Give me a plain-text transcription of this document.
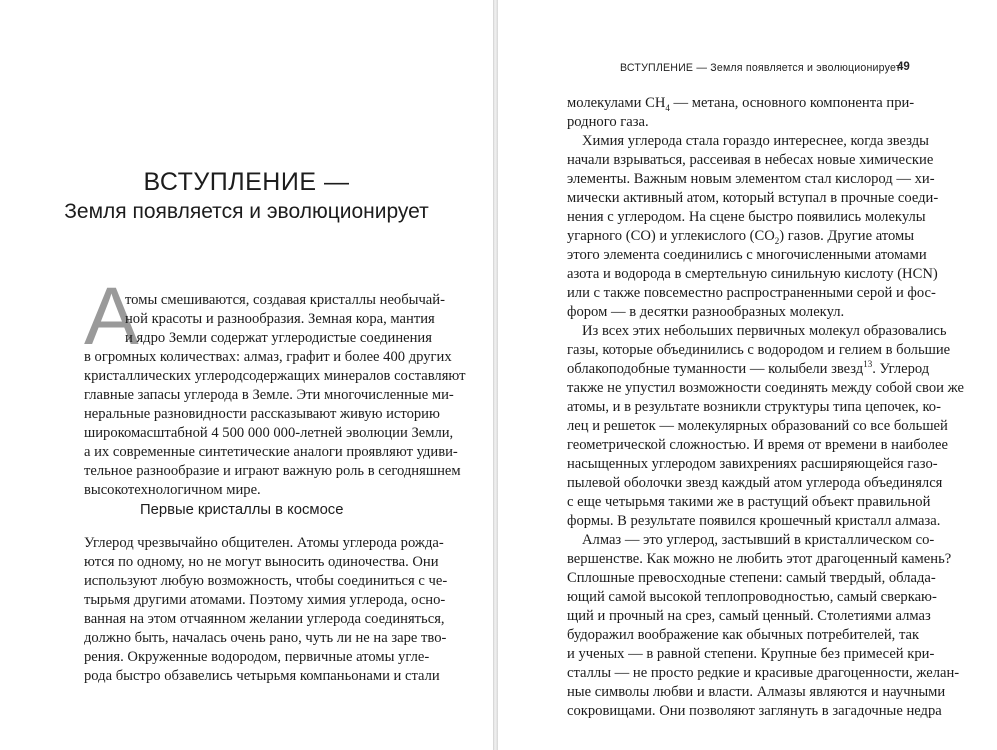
ВСТУПЛЕНИЕ —
Земля появляется и эволюционирует
А
томы смешиваются, создавая кристаллы необычай-
ной красоты и разнообразия. Земная кора, мантия
и ядро Земли содержат углеродистые соединения
в огромных количествах: алмаз, графит и более 400 других
кристаллических углеродсодержащих минералов составляют
главные запасы углерода в Земле. Эти многочисленные ми-
неральные разновидности рассказывают живую историю
широкомасштабной 4 500 000 000-летней эволюции Земли,
а их современные синтетические аналоги проявляют удиви-
тельное разнообразие и играют важную роль в сегодняшнем
высокотехнологичном мире.
Первые кристаллы в космосе
Углерод чрезвычайно общителен. Атомы углерода рожда-
ются по одному, но не могут выносить одиночества. Они
используют любую возможность, чтобы соединиться с че-
тырьмя другими атомами. Поэтому химия углерода, осно-
ванная на этом отчаянном желании углерода соединяться,
должно быть, началась очень рано, чуть ли не на заре тво-
рения. Окруженные водородом, первичные атомы угле-
рода быстро обзавелись четырьмя компаньонами и стали
ВСТУПЛЕНИЕ — Земля появляется и эволюционирует
49
молекулами $CH_4$ — метана, основного компонента при-
родного газа.
Химия углерода стала гораздо интереснее, когда звезды
начали взрываться, рассеивая в небесах новые химические
элементы. Важным новым элементом стал кислород — хи-
мически активный атом, который вступал в прочные соеди-
нения с углеродом. На сцене быстро появились молекулы
угарного (CO) и углекислого $(CO_2)$ газов. Другие атомы
этого элемента соединились с многочисленными атомами
азота и водорода в смертельную синильную кислоту (HCN)
или с также повсеместно распространенными серой и фос-
фором — в десятки разнообразных молекул.
Из всех этих небольших первичных молекул образовались
газы, которые объединились с водородом и гелием в большие
облакоподобные туманности — колыбели звезд$^{13}$. Углерод
также не упустил возможности соединять между собой свои же
атомы, и в результате возникли структуры типа цепочек, ко-
лец и решеток — молекулярных образований со все большей
геометрической сложностью. И время от времени в наиболее
насыщенных углеродом завихрениях расширяющейся газо-
пылевой оболочки звезд каждый атом углерода объединялся
с еще четырьмя такими же в растущий объект правильной
формы. В результате появился крошечный кристалл алмаза.
Алмаз — это углерод, застывший в кристаллическом со-
вершенстве. Как можно не любить этот драгоценный камень?
Сплошные превосходные степени: самый твердый, облада-
ющий самой высокой теплопроводностью, самый сверкаю-
щий и прочный на срез, самый ценный. Столетиями алмаз
будоражил воображение как обычных потребителей, так
и ученых — в равной степени. Крупные без примесей кри-
сталлы — не просто редкие и красивые драгоценности, желан-
ные символы любви и власти. Алмазы являются и научными
сокровищами. Они позволяют заглянуть в загадочные недра
